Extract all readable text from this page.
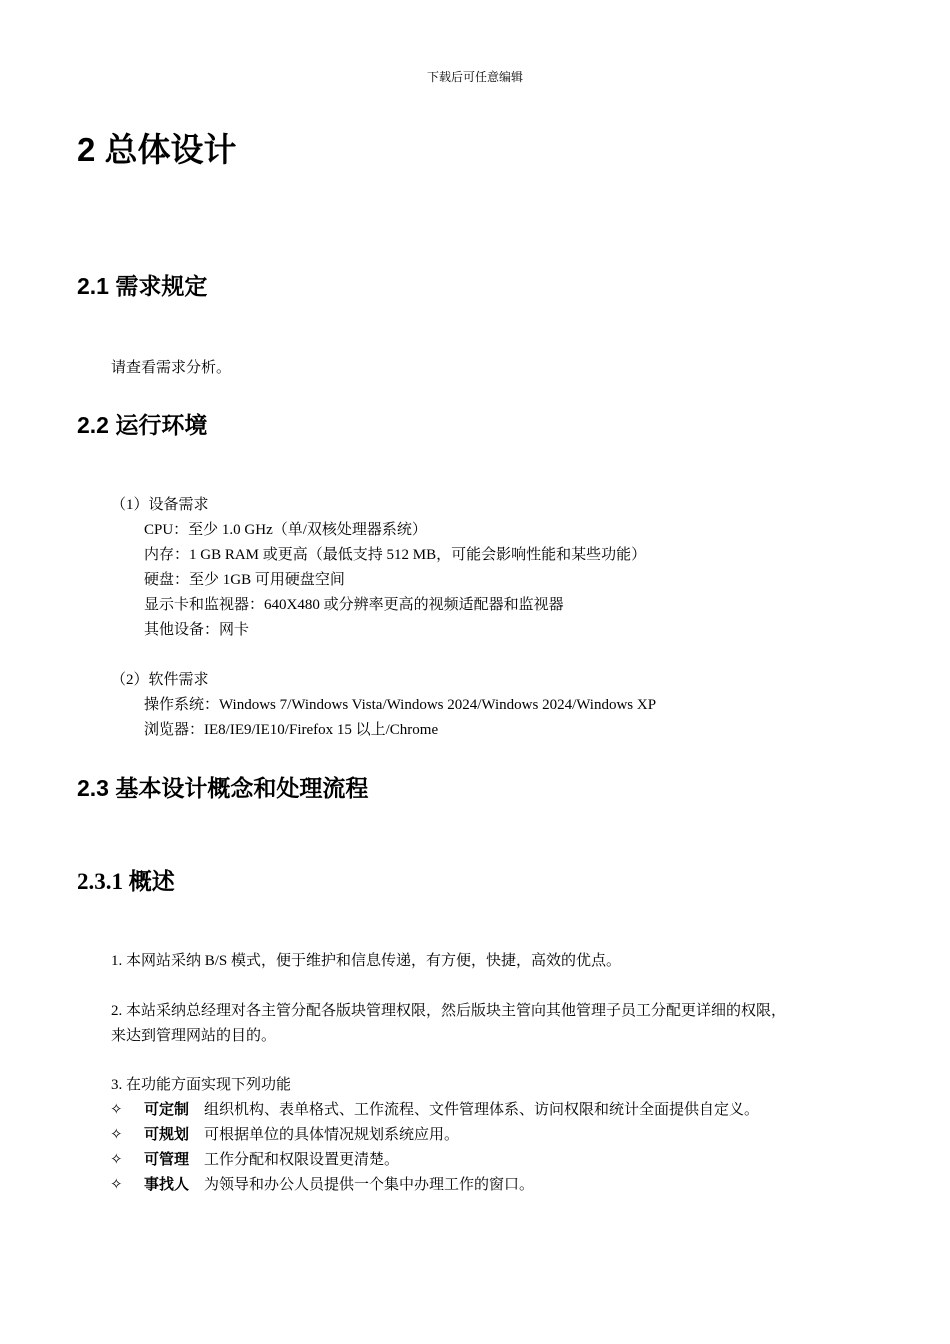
下载后可任意编辑
2 总体设计
2.1 需求规定
请查看需求分析。
2.2 运行环境
（1）设备需求
CPU：至少 1.0 GHz（单/双核处理器系统）
内存：1 GB RAM 或更高（最低支持 512 MB，可能会影响性能和某些功能）
硬盘：至少 1GB 可用硬盘空间
显示卡和监视器：640X480 或分辨率更高的视频适配器和监视器
其他设备：网卡
（2）软件需求
操作系统：Windows 7/Windows Vista/Windows 2024/Windows 2024/Windows XP
浏览器：IE8/IE9/IE10/Firefox 15 以上/Chrome
2.3 基本设计概念和处理流程
2.3.1 概述
1. 本网站采纳 B/S 模式，便于维护和信息传递，有方便，快捷，高效的优点。
2. 本站采纳总经理对各主管分配各版块管理权限，然后版块主管向其他管理子员工分配更详细的权限，
来达到管理网站的目的。
3. 在功能方面实现下列功能
✧ 可定制 组织机构、表单格式、工作流程、文件管理体系、访问权限和统计全面提供自定义。
✧ 可规划 可根据单位的具体情况规划系统应用。
✧ 可管理 工作分配和权限设置更清楚。
✧ 事找人 为领导和办公人员提供一个集中办理工作的窗口。
